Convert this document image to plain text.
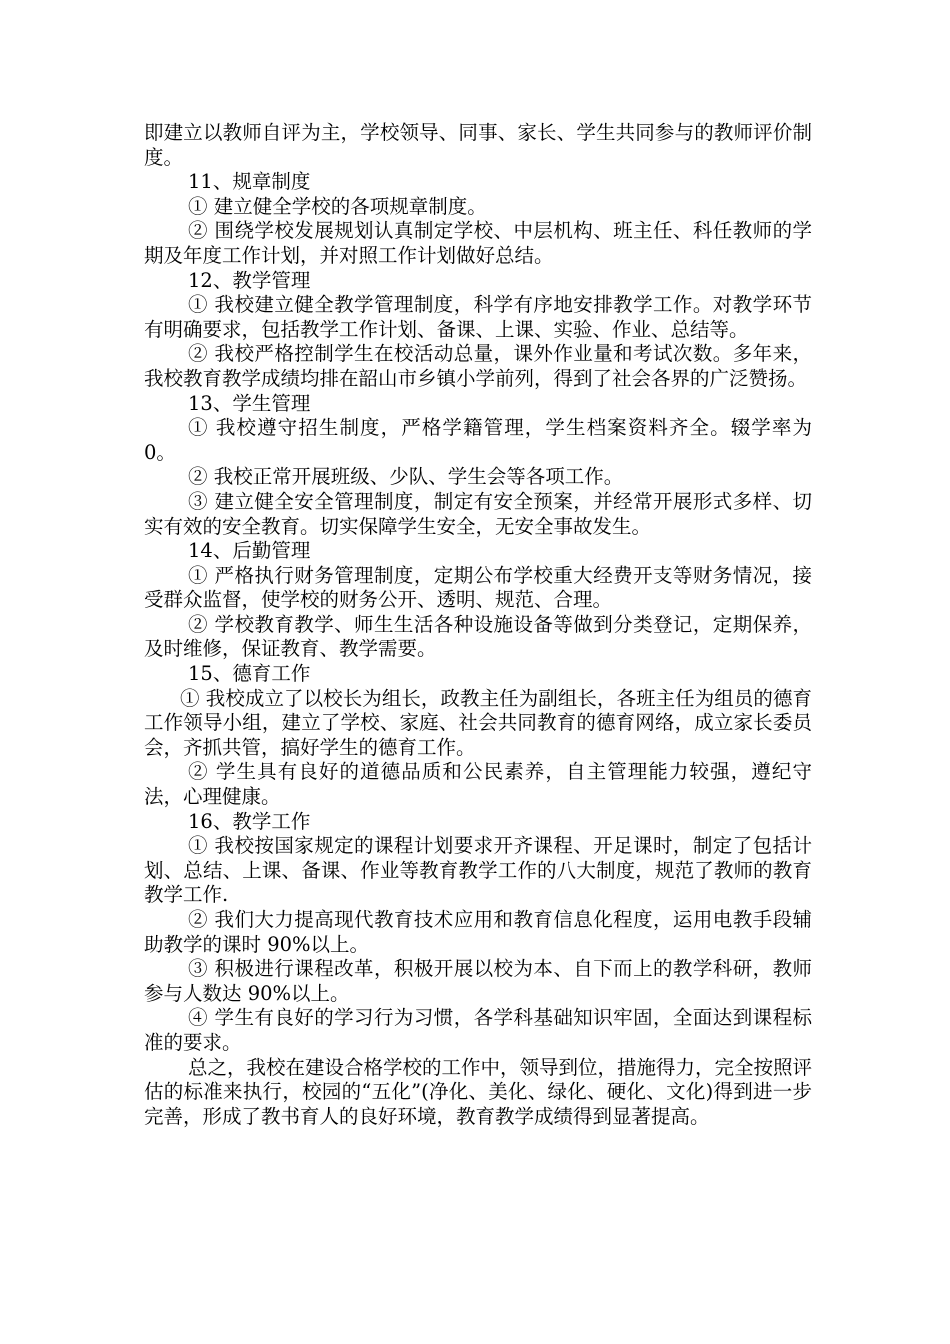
即建立以教师自评为主，学校领导、同事、家长、学生共同参与的教师评价制度。

11、规章制度

① 建立健全学校的各项规章制度。

② 围绕学校发展规划认真制定学校、中层机构、班主任、科任教师的学期及年度工作计划，并对照工作计划做好总结。

12、教学管理

① 我校建立健全教学管理制度，科学有序地安排教学工作。对教学环节有明确要求，包括教学工作计划、备课、上课、实验、作业、总结等。

② 我校严格控制学生在校活动总量，课外作业量和考试次数。多年来，我校教育教学成绩均排在韶山市乡镇小学前列，得到了社会各界的广泛赞扬。

13、学生管理

① 我校遵守招生制度，严格学籍管理，学生档案资料齐全。辍学率为 0。

② 我校正常开展班级、少队、学生会等各项工作。

③ 建立健全安全管理制度，制定有安全预案，并经常开展形式多样、切实有效的安全教育。切实保障学生安全，无安全事故发生。

14、后勤管理

① 严格执行财务管理制度，定期公布学校重大经费开支等财务情况，接受群众监督，使学校的财务公开、透明、规范、合理。

② 学校教育教学、师生生活各种设施设备等做到分类登记，定期保养，及时维修，保证教育、教学需要。

15、德育工作

① 我校成立了以校长为组长，政教主任为副组长，各班主任为组员的德育工作领导小组，建立了学校、家庭、社会共同教育的德育网络，成立家长委员会，齐抓共管，搞好学生的德育工作。

② 学生具有良好的道德品质和公民素养，自主管理能力较强，遵纪守法，心理健康。

16、教学工作

① 我校按国家规定的课程计划要求开齐课程、开足课时，制定了包括计划、总结、上课、备课、作业等教育教学工作的八大制度，规范了教师的教育教学工作.

② 我们大力提高现代教育技术应用和教育信息化程度，运用电教手段辅助教学的课时 90%以上。

③ 积极进行课程改革，积极开展以校为本、自下而上的教学科研，教师参与人数达 90%以上。

④ 学生有良好的学习行为习惯，各学科基础知识牢固，全面达到课程标准的要求。

总之，我校在建设合格学校的工作中，领导到位，措施得力，完全按照评估的标准来执行，校园的“五化”(净化、美化、绿化、硬化、文化)得到进一步完善，形成了教书育人的良好环境，教育教学成绩得到显著提高。
